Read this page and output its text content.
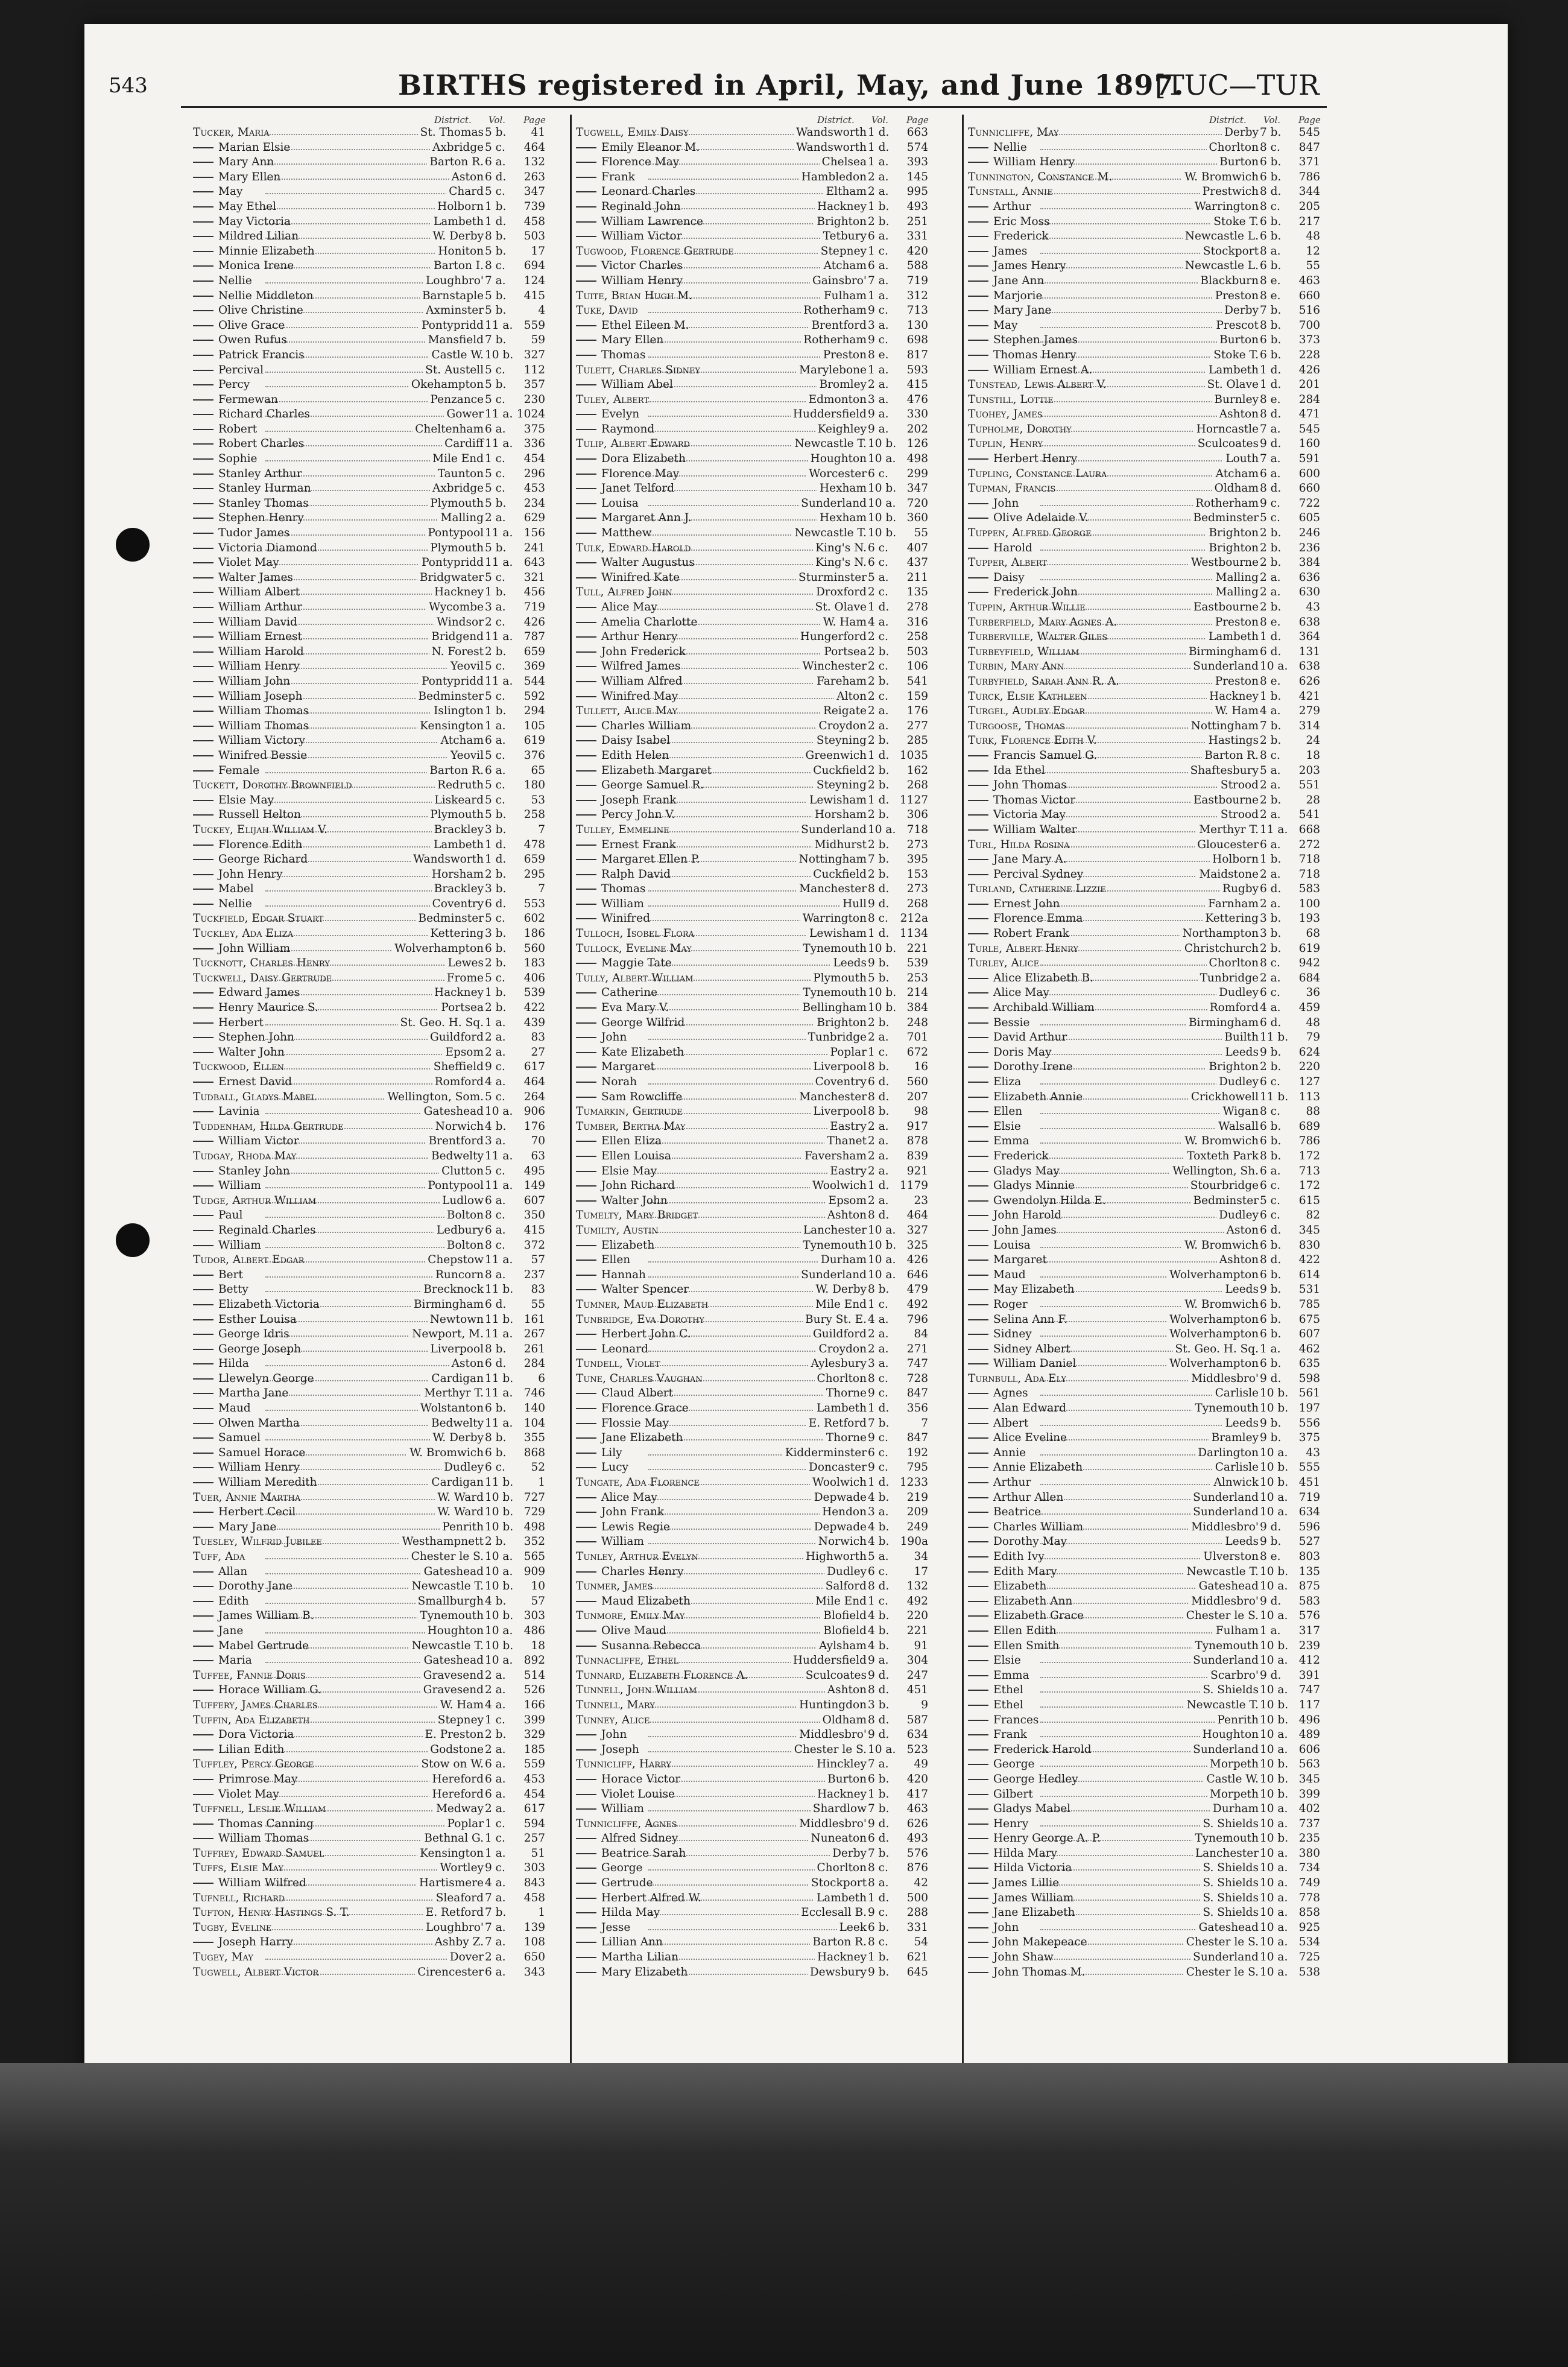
543	BIRTHS registered in April, May, and June 1897.
[TUC—TUR
District. Vol. Page
Tucker, Maria	St. Thomas 5 b.	41
Marian Elsie	Axbridge 5 c.	464
Mary Ann	Barton R. 6 a.	132
Mary Ellen	Aston 6 d.	263
May	Chard 5 c.	347
May Ethel	Holborn 1 b.	739
May Victoria	Lambeth 1 d.	458
Mildred Lilian	W. Derby 8 b.	503
Minnie Elizabeth	Honiton 5 b.	17
Monica Irene	Barton I. 8 c.	694
Nellie	Loughbro' 7 a.	124
Nellie Middleton	Barnstaple 5 b.	415
Olive Christine	Axminster 5 b.	4
Olive Grace	Pontypridd 11 a. 559
Owen Rufus	Mansfield 7 b.	59
Patrick Francis	Castle W. 10 b. 327
Percival	St. Austell 5 c.	112
Percy	Okehampton 5 b.	357
Fermewan	Penzance 5 c.	230
Richard Charles	Gower 11 a. 1024
Robert	Cheltenham 6 a.	375
Robert Charles	Cardiff 11 a. 336
Sophie	Mile End 1 c.	454
Stanley Arthur	Taunton 5 c.	296
Stanley Hurman	Axbridge 5 c.	453
Stanley Thomas	Plymouth 5 b.	234
Stephen Henry	Malling 2 a.	629
Tudor James	Pontypool 11 a. 156
Victoria Diamond	Plymouth 5 b.	241
Violet May	Pontypridd 11 a. 643
Walter James	Bridgwater 5 c.	321
William Albert	Hackney 1 b.	456
William Arthur	Wycombe 3 a.	719
William David	Windsor 2 c.	426
William Ernest	Bridgend 11 a. 787
William Harold	N. Forest 2 b.	659
William Henry	Yeovil 5 c.	369
William John	Pontypridd 11 a. 544
William Joseph	Bedminster 5 c.	592
William Thomas	Islington 1 b.	294
William Thomas	Kensington 1 a.	105
William Victory	Atcham 6 a.	619
Winifred Bessie	Yeovil 5 c.	376
Female	Barton R. 6 a.	65
Tuckett, Dorothy Brownfield	Redruth 5 c.	180
Elsie May	Liskeard 5 c.	53
Russell Helton	Plymouth 5 b.	258
Tuckey, Elijah William V.	Brackley 3 b.	7
Florence Edith	Lambeth 1 d.	478
George Richard	Wandsworth 1 d.	659
John Henry	Horsham 2 b.	295
Mabel	Brackley 3 b.	7
Nellie	Coventry 6 d.	553
Tuckfield, Edgar Stuart	Bedminster 5 c.	602
Tuckley, Ada Eliza	Kettering 3 b.	186
John William	Wolverhampton 6 b.	560
Tucknott, Charles Henry	Lewes 2 b.	183
Tuckwell, Daisy Gertrude	Frome 5 c.	406
Edward James	Hackney 1 b.	539
Henry Maurice S.	Portsea 2 b.	422
Herbert	St. Geo. H. Sq. 1 a.	439
Stephen John	Guildford 2 a.	83
Walter John	Epsom 2 a.	27
Tuckwood, Ellen	Sheffield 9 c.	617
Ernest David	Romford 4 a.	464
Tudball, Gladys Mabel	Wellington, Som. 5 c.	264
Lavinia	Gateshead 10 a. 906
Tuddenham, Hilda Gertrude	Norwich 4 b.	176
William Victor	Brentford 3 a.	70
Tudgay, Rhoda May	Bedwelty 11 a.	63
Stanley John	Clutton 5 c.	495
William	Pontypool 11 a. 149
Tudge, Arthur William	Ludlow 6 a.	607
Paul	Bolton 8 c.	350
Reginald Charles	Ledbury 6 a.	415
William	Bolton 8 c.	372
Tudor, Albert Edgar	Chepstow 11 a.	57
Bert	Runcorn 8 a.	237
Betty	Brecknock 11 b.	83
Elizabeth Victoria	Birmingham 6 d.	55
Esther Louisa	Newtown 11 b. 161
George Idris	Newport, M. 11 a. 267
George Joseph	Liverpool 8 b.	261
Hilda	Aston 6 d.	284
Llewelyn George	Cardigan 11 b.	6
Martha Jane	Merthyr T. 11 a. 746
Maud	Wolstanton 6 b.	140
Olwen Martha	Bedwelty 11 a. 104
Samuel	W. Derby 8 b.	355
Samuel Horace	W. Bromwich 6 b.	868
William Henry	Dudley 6 c.	52
William Meredith	Cardigan 11 b.	1
Tuer, Annie Martha	W. Ward 10 b. 727
Herbert Cecil	W. Ward 10 b. 729
Mary Jane	Penrith 10 b. 498
Tuesley, Wilfrid Jubilee	Westhampnett 2 b.	352
Tuff, Ada	Chester le S. 10 a. 565
Allan	Gateshead 10 a. 909
Dorothy Jane	Newcastle T. 10 b.	10
Edith	Smallburgh 4 b.	57
James William B.	Tynemouth 10 b. 303
Jane	Houghton 10 a. 486
Mabel Gertrude	Newcastle T. 10 b.	18
Maria	Gateshead 10 a. 892
Tuffee, Fannie Doris	Gravesend 2 a.	514
Horace William G.	Gravesend 2 a.	526
Tuffery, James Charles	W. Ham 4 a.	166
Tuffin, Ada Elizabeth	Stepney 1 c.	399
Dora Victoria	E. Preston 2 b.	329
Lilian Edith	Godstone 2 a.	185
Tuffley, Percy George	Stow on W. 6 a.	559
Primrose May	Hereford 6 a.	453
Violet May	Hereford 6 a.	454
Tuffnell, Leslie William	Medway 2 a.	617
Thomas Canning	Poplar 1 c.	594
William Thomas	Bethnal G. 1 c.	257
Tuffrey, Edward Samuel	Kensington 1 a.	51
Tuffs, Elsie May	Wortley 9 c.	303
William Wilfred	Hartismere 4 a.	843
Tufnell, Richard	Sleaford 7 a.	458
Tufton, Henry Hastings S. T.	E. Retford 7 b.	1
Tugby, Eveline	Loughbro' 7 a.	139
Joseph Harry	Ashby Z. 7 a.	108
Tugey, May	Dover 2 a.	650
Tugwell, Albert Victor	Cirencester 6 a.	343
District. Vol. Page
Tugwell, Emily Daisy	Wandsworth 1 d.	663
Emily Eleanor M.	Wandsworth 1 d.	574
Florence May	Chelsea 1 a.	393
Frank	Hambledon 2 a.	145
Leonard Charles	Eltham 2 a.	995
Reginald John	Hackney 1 b.	493
William Lawrence	Brighton 2 b.	251
William Victor	Tetbury 6 a.	331
Tugwood, Florence Gertrude	Stepney 1 c.	420
Victor Charles	Atcham 6 a.	588
William Henry	Gainsbro' 7 a.	719
Tuite, Brian Hugh M.	Fulham 1 a.	312
Tuke, David	Rotherham 9 c.	713
Ethel Eileen M.	Brentford 3 a.	130
Mary Ellen	Rotherham 9 c.	698
Thomas	Preston 8 e.	817
Tulett, Charles Sidney	Marylebone 1 a.	593
William Abel	Bromley 2 a.	415
Tuley, Albert	Edmonton 3 a.	476
Evelyn	Huddersfield 9 a.	330
Raymond	Keighley 9 a.	202
Tulip, Albert Edward	Newcastle T. 10 b. 126
Dora Elizabeth	Houghton 10 a. 498
Florence May	Worcester 6 c.	299
Janet Telford	Hexham 10 b. 347
Louisa	Sunderland 10 a. 720
Margaret Ann J.	Hexham 10 b. 360
Matthew	Newcastle T. 10 b.	55
Tulk, Edward Harold	King's N. 6 c.	407
Walter Augustus	King's N. 6 c.	437
Winifred Kate	Sturminster 5 a.	211
Tull, Alfred John	Droxford 2 c.	135
Alice May	St. Olave 1 d.	278
Amelia Charlotte	W. Ham 4 a.	316
Arthur Henry	Hungerford 2 c.	258
John Frederick	Portsea 2 b.	503
Wilfred James	Winchester 2 c.	106
William Alfred	Fareham 2 b.	541
Winifred May	Alton 2 c.	159
Tullett, Alice May	Reigate 2 a.	176
Charles William	Croydon 2 a.	277
Daisy Isabel	Steyning 2 b.	285
Edith Helen	Greenwich 1 d. 1035
Elizabeth Margaret	Cuckfield 2 b.	162
George Samuel R.	Steyning 2 b.	268
Joseph Frank	Lewisham 1 d. 1127
Percy John V.	Horsham 2 b.	306
Tulley, Emmeline	Sunderland 10 a. 718
Ernest Frank	Midhurst 2 b.	273
Margaret Ellen P.	Nottingham 7 b.	395
Ralph David	Cuckfield 2 b.	153
Thomas	Manchester 8 d.	273
William	Hull 9 d.	268
Winifred	Warrington 8 c.	212a
Tulloch, Isobel Flora	Lewisham 1 d. 1134
Tullock, Eveline May	Tynemouth 10 b. 221
Maggie Tate	Leeds 9 b.	539
Tully, Albert William	Plymouth 5 b.	253
Catherine	Tynemouth 10 b. 214
Eva Mary V.	Bellingham 10 b. 384
George Wilfrid	Brighton 2 b.	248
John	Tunbridge 2 a.	701
Kate Elizabeth	Poplar 1 c.	672
Margaret	Liverpool 8 b.	16
Norah	Coventry 6 d.	560
Sam Rowcliffe	Manchester 8 d.	207
Tumarkin, Gertrude	Liverpool 8 b.	98
Tumber, Bertha May	Eastry 2 a.	917
Ellen Eliza	Thanet 2 a.	878
Ellen Louisa	Faversham 2 a.	839
Elsie May	Eastry 2 a.	921
John Richard	Woolwich 1 d. 1179
Walter John	Epsom 2 a.	23
Tumelty, Mary Bridget	Ashton 8 d.	464
Tumilty, Austin	Lanchester 10 a. 327
Elizabeth	Tynemouth 10 b. 325
Ellen	Durham 10 a. 426
Hannah	Sunderland 10 a. 646
Walter Spencer	W. Derby 8 b.	479
Tumner, Maud Elizabeth	Mile End 1 c.	492
Tunbridge, Eva Dorothy	Bury St. E. 4 a.	796
Herbert John C.	Guildford 2 a.	84
Leonard	Croydon 2 a.	271
Tundell, Violet	Aylesbury 3 a.	747
Tune, Charles Vaughan	Chorlton 8 c.	728
Claud Albert	Thorne 9 c.	847
Florence Grace	Lambeth 1 d.	356
Flossie May	E. Retford 7 b.	7
Jane Elizabeth	Thorne 9 c.	847
Lily	Kidderminster 6 c.	192
Lucy	Doncaster 9 c.	795
Tungate, Ada Florence	Woolwich 1 d. 1233
Alice May	Depwade 4 b.	219
John Frank	Hendon 3 a.	209
Lewis Regie	Depwade 4 b.	249
William	Norwich 4 b. 190a
Tunley, Arthur Evelyn	Highworth 5 a.	34
Charles Henry	Dudley 6 c.	17
Tunmer, James	Salford 8 d.	132
Maud Elizabeth	Mile End 1 c.	492
Tunmore, Emily May	Blofield 4 b.	220
Olive Maud	Blofield 4 b.	221
Susanna Rebecca	Aylsham 4 b.	91
Tunnacliffe, Ethel	Huddersfield 9 a.	304
Tunnard, Elizabeth Florence A.	Sculcoates 9 d.	247
Tunnell, John William	Ashton 8 d.	451
Tunnell, Mary	Huntingdon 3 b.	9
Tunney, Alice	Oldham 8 d.	587
John	Middlesbro' 9 d.	634
Joseph	Chester le S. 10 a. 523
Tunnicliff, Harry	Hinckley 7 a.	49
Horace Victor	Burton 6 b.	420
Violet Louise	Hackney 1 b.	417
William	Shardlow 7 b.	463
Tunnicliffe, Agnes	Middlesbro' 9 d.	626
Alfred Sidney	Nuneaton 6 d.	493
Beatrice Sarah	Derby 7 b.	576
George	Chorlton 8 c.	876
Gertrude	Stockport 8 a.	42
Herbert Alfred W.	Lambeth 1 d.	500
Hilda May	Ecclesall B. 9 c.	288
Jesse	Leek 6 b.	331
Lillian Ann	Barton R. 8 c.	54
Martha Lilian	Hackney 1 b.	621
Mary Elizabeth	Dewsbury 9 b.	645
District. Vol. Page
Tunnicliffe, May	Derby 7 b.	545
Nellie	Chorlton 8 c.	847
William Henry	Burton 6 b.	371
Tunnington, Constance M.	W. Bromwich 6 b.	786
Tunstall, Annie	Prestwich 8 d.	344
Arthur	Warrington 8 c.	205
Eric Moss	Stoke T. 6 b.	217
Frederick	Newcastle L. 6 b.	48
James	Stockport 8 a.	12
James Henry	Newcastle L. 6 b.	55
Jane Ann	Blackburn 8 e.	463
Marjorie	Preston 8 e.	660
Mary Jane	Derby 7 b.	516
May	Prescot 8 b.	700
Stephen James	Burton 6 b.	373
Thomas Henry	Stoke T. 6 b.	228
William Ernest A.	Lambeth 1 d.	426
Tunstead, Lewis Albert V.	St. Olave 1 d.	201
Tunstill, Lottie	Burnley 8 e.	284
Tuohey, James	Ashton 8 d.	471
Tupholme, Dorothy	Horncastle 7 a.	545
Tuplin, Henry	Sculcoates 9 d.	160
Herbert Henry	Louth 7 a.	591
Tupling, Constance Laura	Atcham 6 a.	600
Tupman, Francis	Oldham 8 d.	660
John	Rotherham 9 c.	722
Olive Adelaide V.	Bedminster 5 c.	605
Tuppen, Alfred George	Brighton 2 b.	246
Harold	Brighton 2 b.	236
Tupper, Albert	Westbourne 2 b.	384
Daisy	Malling 2 a.	636
Frederick John	Malling 2 a.	630
Tuppin, Arthur Willie	Eastbourne 2 b.	43
Turberfield, Mary Agnes A.	Preston 8 e.	638
Turberville, Walter Giles	Lambeth 1 d.	364
Turbeyfield, William	Birmingham 6 d.	131
Turbin, Mary Ann	Sunderland 10 a. 638
Turbyfield, Sarah Ann R. A.	Preston 8 e.	626
Turck, Elsie Kathleen	Hackney 1 b.	421
Turgel, Audley Edgar	W. Ham 4 a.	279
Turgoose, Thomas	Nottingham 7 b.	314
Turk, Florence Edith V.	Hastings 2 b.	24
Francis Samuel G.	Barton R. 8 c.	18
Ida Ethel	Shaftesbury 5 a.	203
John Thomas	Strood 2 a.	551
Thomas Victor	Eastbourne 2 b.	28
Victoria May	Strood 2 a.	541
William Walter	Merthyr T. 11 a. 668
Turl, Hilda Rosina	Gloucester 6 a.	272
Jane Mary A.	Holborn 1 b.	718
Percival Sydney	Maidstone 2 a.	718
Turland, Catherine Lizzie	Rugby 6 d.	583
Ernest John	Farnham 2 a.	100
Florence Emma	Kettering 3 b.	193
Robert Frank	Northampton 3 b.	68
Turle, Albert Henry	Christchurch 2 b.	619
Turley, Alice	Chorlton 8 c.	942
Alice Elizabeth B.	Tunbridge 2 a.	684
Alice May	Dudley 6 c.	36
Archibald William	Romford 4 a.	459
Bessie	Birmingham 6 d.	48
David Arthur	Builth 11 b.	79
Doris May	Leeds 9 b.	624
Dorothy Irene	Brighton 2 b.	220
Eliza	Dudley 6 c.	127
Elizabeth Annie	Crickhowell 11 b. 113
Ellen	Wigan 8 c.	88
Elsie	Walsall 6 b.	689
Emma	W. Bromwich 6 b.	786
Frederick	Toxteth Park 8 b.	172
Gladys May	Wellington, Sh. 6 a.	713
Gladys Minnie	Stourbridge 6 c.	172
Gwendolyn Hilda E.	Bedminster 5 c.	615
John Harold	Dudley 6 c.	82
John James	Aston 6 d.	345
Louisa	W. Bromwich 6 b.	830
Margaret	Ashton 8 d.	422
Maud	Wolverhampton 6 b.	614
May Elizabeth	Leeds 9 b.	531
Roger	W. Bromwich 6 b.	785
Selina Ann F.	Wolverhampton 6 b.	675
Sidney	Wolverhampton 6 b.	607
Sidney Albert	St. Geo. H. Sq. 1 a.	462
William Daniel	Wolverhampton 6 b.	635
Turnbull, Ada Ely	Middlesbro' 9 d.	598
Agnes	Carlisle 10 b. 561
Alan Edward	Tynemouth 10 b. 197
Albert	Leeds 9 b.	556
Alice Eveline	Bramley 9 b.	375
Annie	Darlington 10 a.	43
Annie Elizabeth	Carlisle 10 b. 555
Arthur	Alnwick 10 b. 451
Arthur Allen	Sunderland 10 a. 719
Beatrice	Sunderland 10 a. 634
Charles William	Middlesbro' 9 d.	596
Dorothy May	Leeds 9 b.	527
Edith Ivy	Ulverston 8 e.	803
Edith Mary	Newcastle T. 10 b. 135
Elizabeth	Gateshead 10 a. 875
Elizabeth Ann	Middlesbro' 9 d.	583
Elizabeth Grace	Chester le S. 10 a. 576
Ellen Edith	Fulham 1 a.	317
Ellen Smith	Tynemouth 10 b. 239
Elsie	Sunderland 10 a. 412
Emma	Scarbro' 9 d.	391
Ethel	S. Shields 10 a. 747
Ethel	Newcastle T. 10 b. 117
Frances	Penrith 10 b. 496
Frank	Houghton 10 a. 489
Frederick Harold	Sunderland 10 a. 606
George	Morpeth 10 b. 563
George Hedley	Castle W. 10 b. 345
Gilbert	Morpeth 10 b. 399
Gladys Mabel	Durham 10 a. 402
Henry	S. Shields 10 a. 737
Henry George A. P.	Tynemouth 10 b. 235
Hilda Mary	Lanchester 10 a. 380
Hilda Victoria	S. Shields 10 a. 734
James Lillie	S. Shields 10 a. 749
James William	S. Shields 10 a. 778
Jane Elizabeth	S. Shields 10 a. 858
John	Gateshead 10 a. 925
John Makepeace	Chester le S. 10 a. 534
John Shaw	Sunderland 10 a. 725
John Thomas M.	Chester le S. 10 a. 538
